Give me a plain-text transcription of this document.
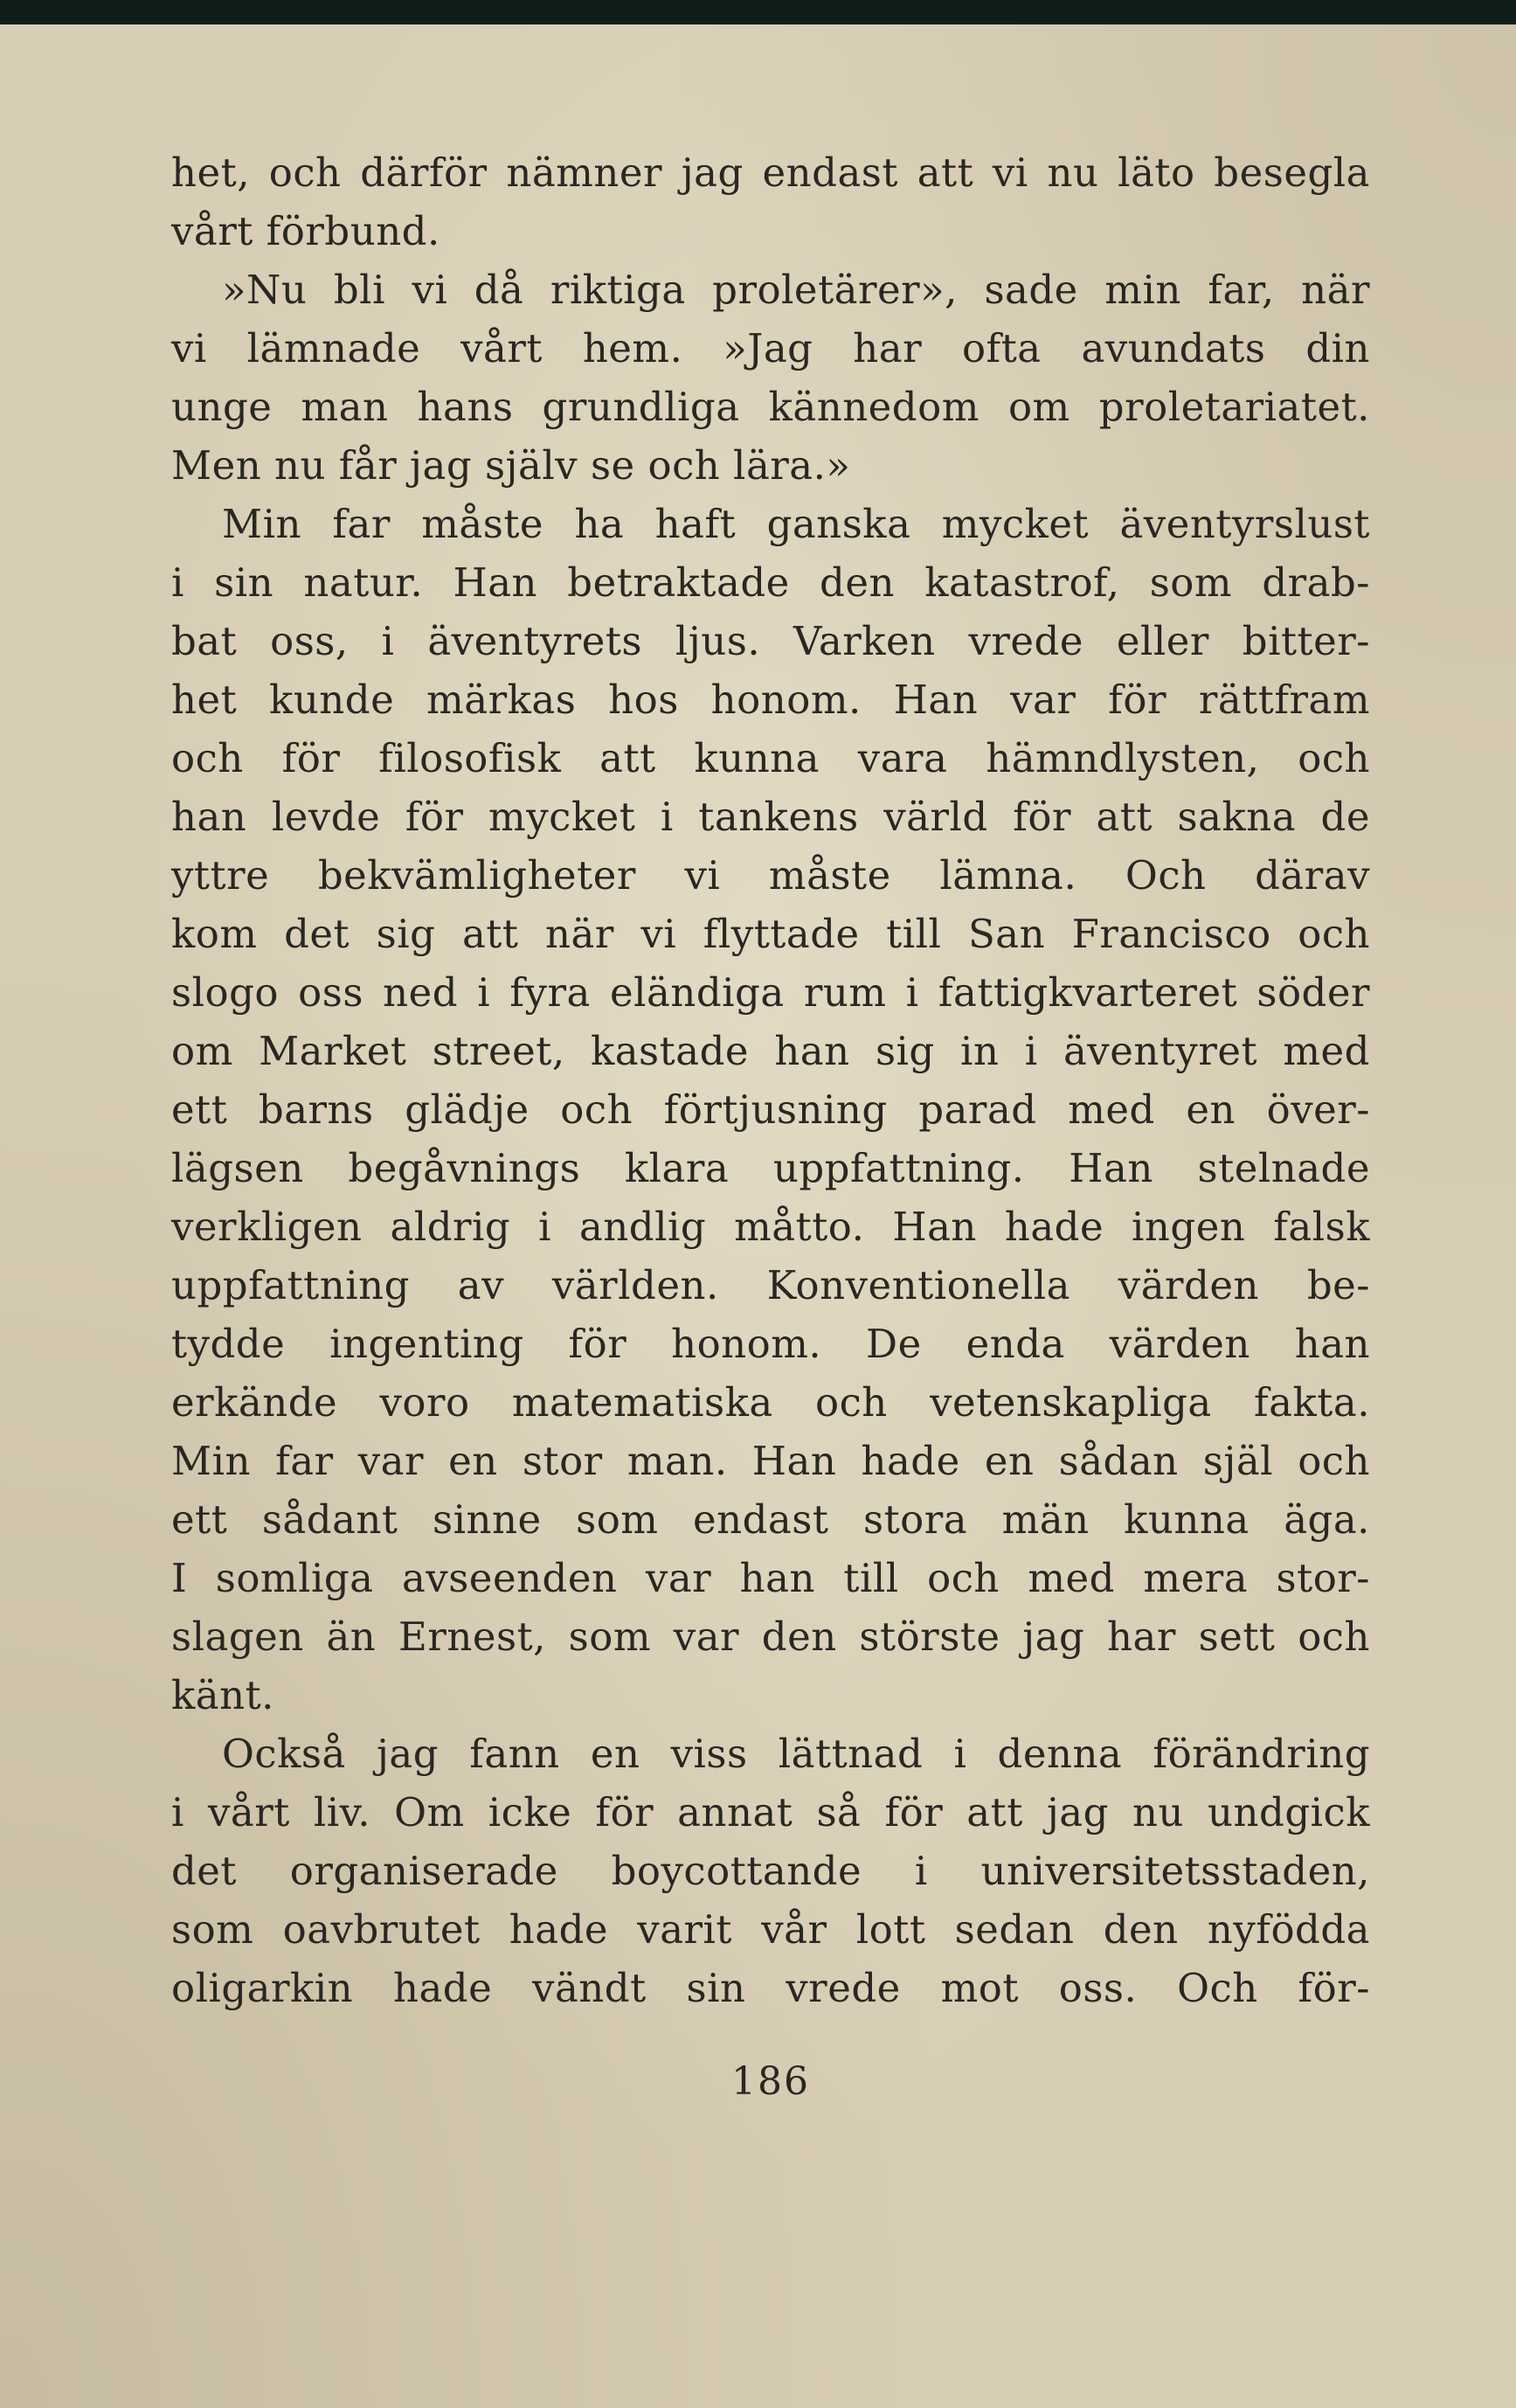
het, och därför nämner jag endast att vi nu läto besegla
vårt förbund.
»Nu bli vi då riktiga proletärer», sade min far, när
vi lämnade vårt hem. »Jag har ofta avundats din
unge man hans grundliga kännedom om proletariatet.
Men nu får jag själv se och lära.»
Min far måste ha haft ganska mycket äventyrslust
i sin natur. Han betraktade den katastrof, som drab-
bat oss, i äventyrets ljus. Varken vrede eller bitter-
het kunde märkas hos honom. Han var för rättfram
och för filosofisk att kunna vara hämndlysten, och
han levde för mycket i tankens värld för att sakna de
yttre bekvämligheter vi måste lämna. Och därav
kom det sig att när vi flyttade till San Francisco och
slogo oss ned i fyra eländiga rum i fattigkvarteret söder
om Market street, kastade han sig in i äventyret med
ett barns glädje och förtjusning parad med en över-
lägsen begåvnings klara uppfattning. Han stelnade
verkligen aldrig i andlig måtto. Han hade ingen falsk
uppfattning av världen. Konventionella värden be-
tydde ingenting för honom. De enda värden han
erkände voro matematiska och vetenskapliga fakta.
Min far var en stor man. Han hade en sådan själ och
ett sådant sinne som endast stora män kunna äga.
I somliga avseenden var han till och med mera stor-
slagen än Ernest, som var den störste jag har sett och
känt.
Också jag fann en viss lättnad i denna förändring
i vårt liv. Om icke för annat så för att jag nu undgick
det organiserade boycottande i universitetsstaden,
som oavbrutet hade varit vår lott sedan den nyfödda
oligarkin hade vändt sin vrede mot oss. Och för-
186
